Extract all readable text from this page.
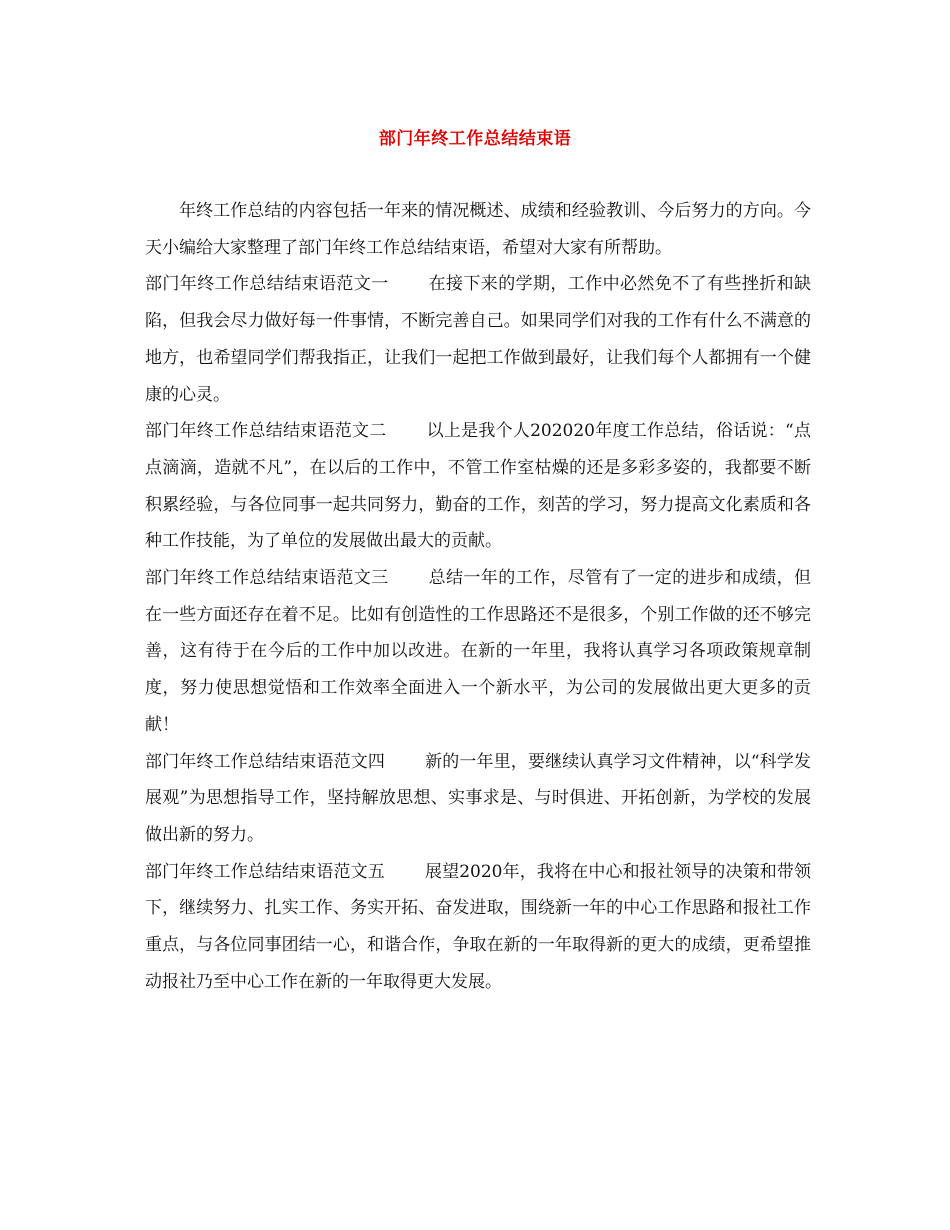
部门年终工作总结结束语

年终工作总结的内容包括一年来的情况概述、成绩和经验教训、今后努力的方向。今天小编给大家整理了部门年终工作总结结束语，希望对大家有所帮助。

部门年终工作总结结束语范文一 在接下来的学期，工作中必然免不了有些挫折和缺陷，但我会尽力做好每一件事情，不断完善自己。如果同学们对我的工作有什么不满意的地方，也希望同学们帮我指正，让我们一起把工作做到最好，让我们每个人都拥有一个健康的心灵。

部门年终工作总结结束语范文二 以上是我个人202020年度工作总结，俗话说：“点点滴滴，造就不凡”，在以后的工作中，不管工作室枯燥的还是多彩多姿的，我都要不断积累经验，与各位同事一起共同努力，勤奋的工作，刻苦的学习，努力提高文化素质和各种工作技能，为了单位的发展做出最大的贡献。

部门年终工作总结结束语范文三 总结一年的工作，尽管有了一定的进步和成绩，但在一些方面还存在着不足。比如有创造性的工作思路还不是很多，个别工作做的还不够完善，这有待于在今后的工作中加以改进。在新的一年里，我将认真学习各项政策规章制度，努力使思想觉悟和工作效率全面进入一个新水平，为公司的发展做出更大更多的贡献！

部门年终工作总结结束语范文四 新的一年里，要继续认真学习文件精神，以“科学发展观”为思想指导工作，坚持解放思想、实事求是、与时俱进、开拓创新，为学校的发展做出新的努力。

部门年终工作总结结束语范文五 展望2020年，我将在中心和报社领导的决策和带领下，继续努力、扎实工作、务实开拓、奋发进取，围绕新一年的中心工作思路和报社工作重点，与各位同事团结一心，和谐合作，争取在新的一年取得新的更大的成绩，更希望推动报社乃至中心工作在新的一年取得更大发展。
